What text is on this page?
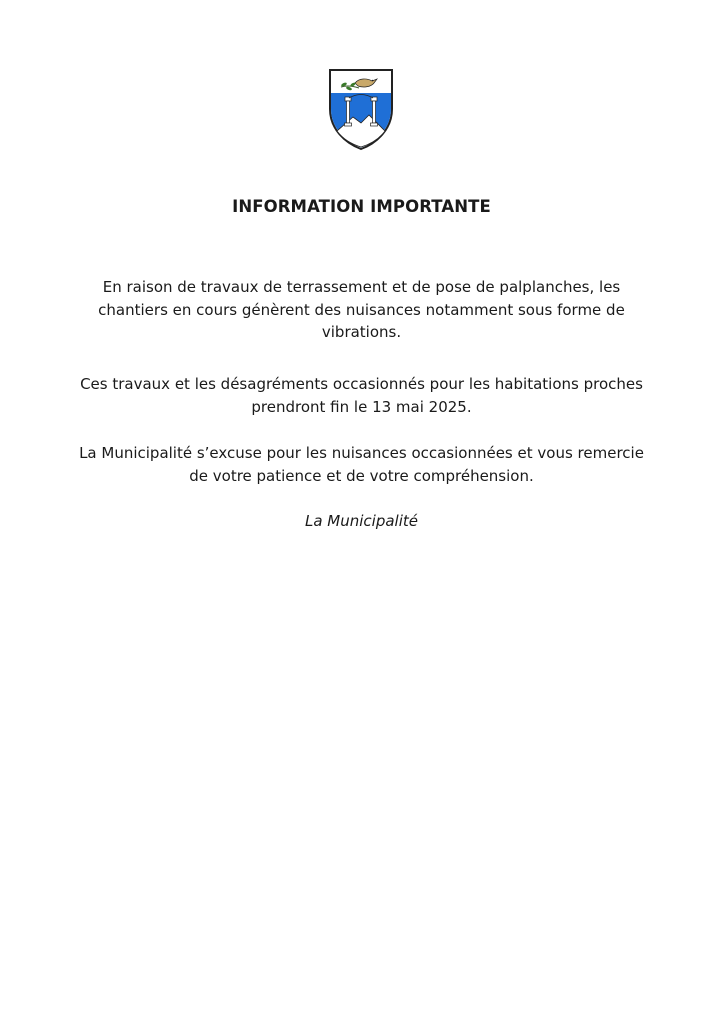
INFORMATION IMPORTANTE
En raison de travaux de terrassement et de pose de palplanches, les chantiers en cours génèrent des nuisances notamment sous forme de vibrations.
Ces travaux et les désagréments occasionnés pour les habitations proches prendront fin le 13 mai 2025.
La Municipalité s’excuse pour les nuisances occasionnées et vous remercie de votre patience et de votre compréhension.
La Municipalité
